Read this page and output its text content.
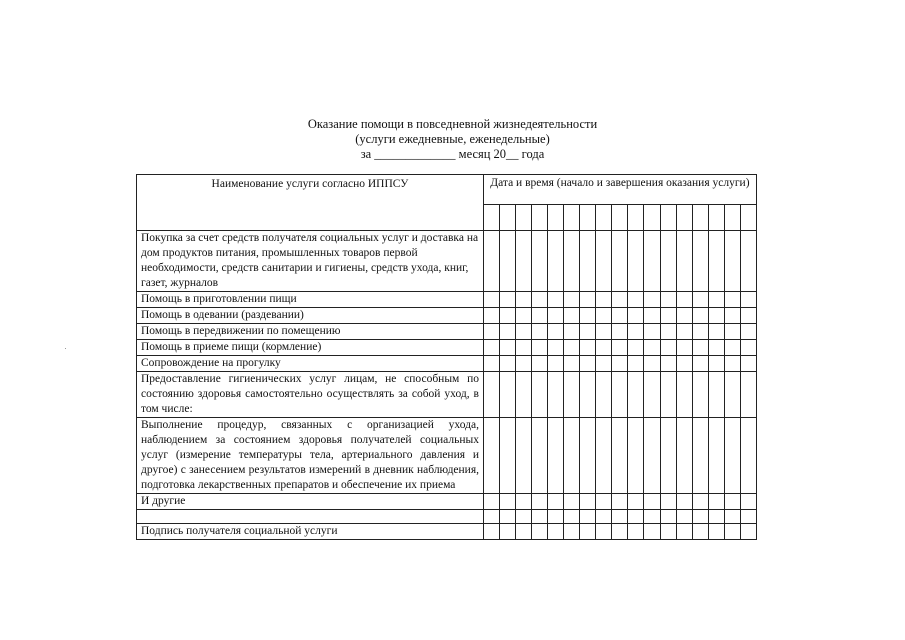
Оказание помощи в повседневной жизнедеятельности
(услуги ежедневные, еженедельные)
за _____________ месяц 20__ года
Наименование услуги согласно ИППСУ	Дата и время (начало и завершения оказания услуги)																

Покупка за счет средств получателя социальных услуг и доставка на дом продуктов питания, промышленных товаров первой необходимости, средств санитарии и гигиены, средств ухода, книг, газет, журналов																	
Помощь в приготовлении пищи																	
Помощь в одевании (раздевании)																	
Помощь в передвижении по помещению																	
Помощь в приеме пищи (кормление)																	
Сопровождение на прогулку																	
Предоставление гигиенических услуг лицам, не способным по состоянию здоровья самостоятельно осуществлять за собой уход, в том числе:																	
Выполнение процедур, связанных с организацией ухода, наблюдением за состоянием здоровья получателей социальных услуг (измерение температуры тела, артериального давления и другое) с занесением результатов измерений в дневник наблюдения, подготовка лекарственных препаратов и обеспечение их приема																	
И другие																	

Подпись получателя социальной услуги																	
